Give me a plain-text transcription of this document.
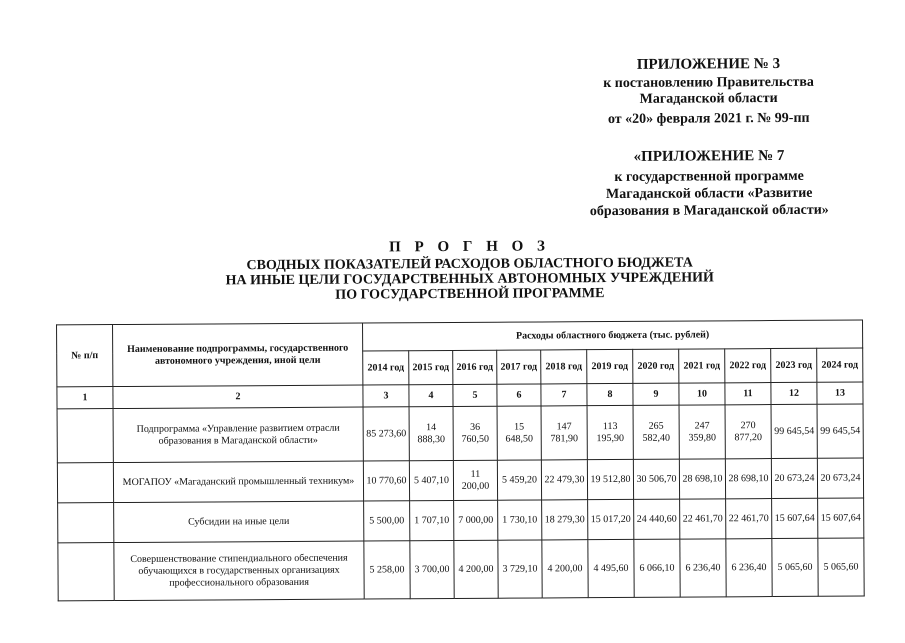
ПРИЛОЖЕНИЕ № 3
к постановлению Правительства
Магаданской области
от «20» февраля 2021 г. № 99-пп
«ПРИЛОЖЕНИЕ № 7
к государственной программе
Магаданской области «Развитие
образования в Магаданской области»
П Р О Г Н О З
СВОДНЫХ ПОКАЗАТЕЛЕЙ РАСХОДОВ ОБЛАСТНОГО БЮДЖЕТА
НА ИНЫЕ ЦЕЛИ ГОСУДАРСТВЕННЫХ АВТОНОМНЫХ УЧРЕЖДЕНИЙ
ПО ГОСУДАРСТВЕННОЙ ПРОГРАММЕ
№ п/п	Наименование подпрограммы, государственного автономного учреждения, иной цели	Расходы областного бюджета (тыс. рублей)										
		2014 год	2015 год	2016 год	2017 год	2018 год	2019 год	2020 год	2021 год	2022 год	2023 год	2024 год
1	2	3	4	5	6	7	8	9	10	11	12	13
	Подпрограмма «Управление развитием отрасли образования в Магаданской области»	85 273,60	14 888,30	36 760,50	15 648,50	147 781,90	113 195,90	265 582,40	247 359,80	270 877,20	99 645,54	99 645,54
	МОГАПОУ «Магаданский промышленный техникум»	10 770,60	5 407,10	11 200,00	5 459,20	22 479,30	19 512,80	30 506,70	28 698,10	28 698,10	20 673,24	20 673,24
	Субсидии на иные цели	5 500,00	1 707,10	7 000,00	1 730,10	18 279,30	15 017,20	24 440,60	22 461,70	22 461,70	15 607,64	15 607,64
	Совершенствование стипендиального обеспечения обучающихся в государственных организациях профессионального образования	5 258,00	3 700,00	4 200,00	3 729,10	4 200,00	4 495,60	6 066,10	6 236,40	6 236,40	5 065,60	5 065,60
